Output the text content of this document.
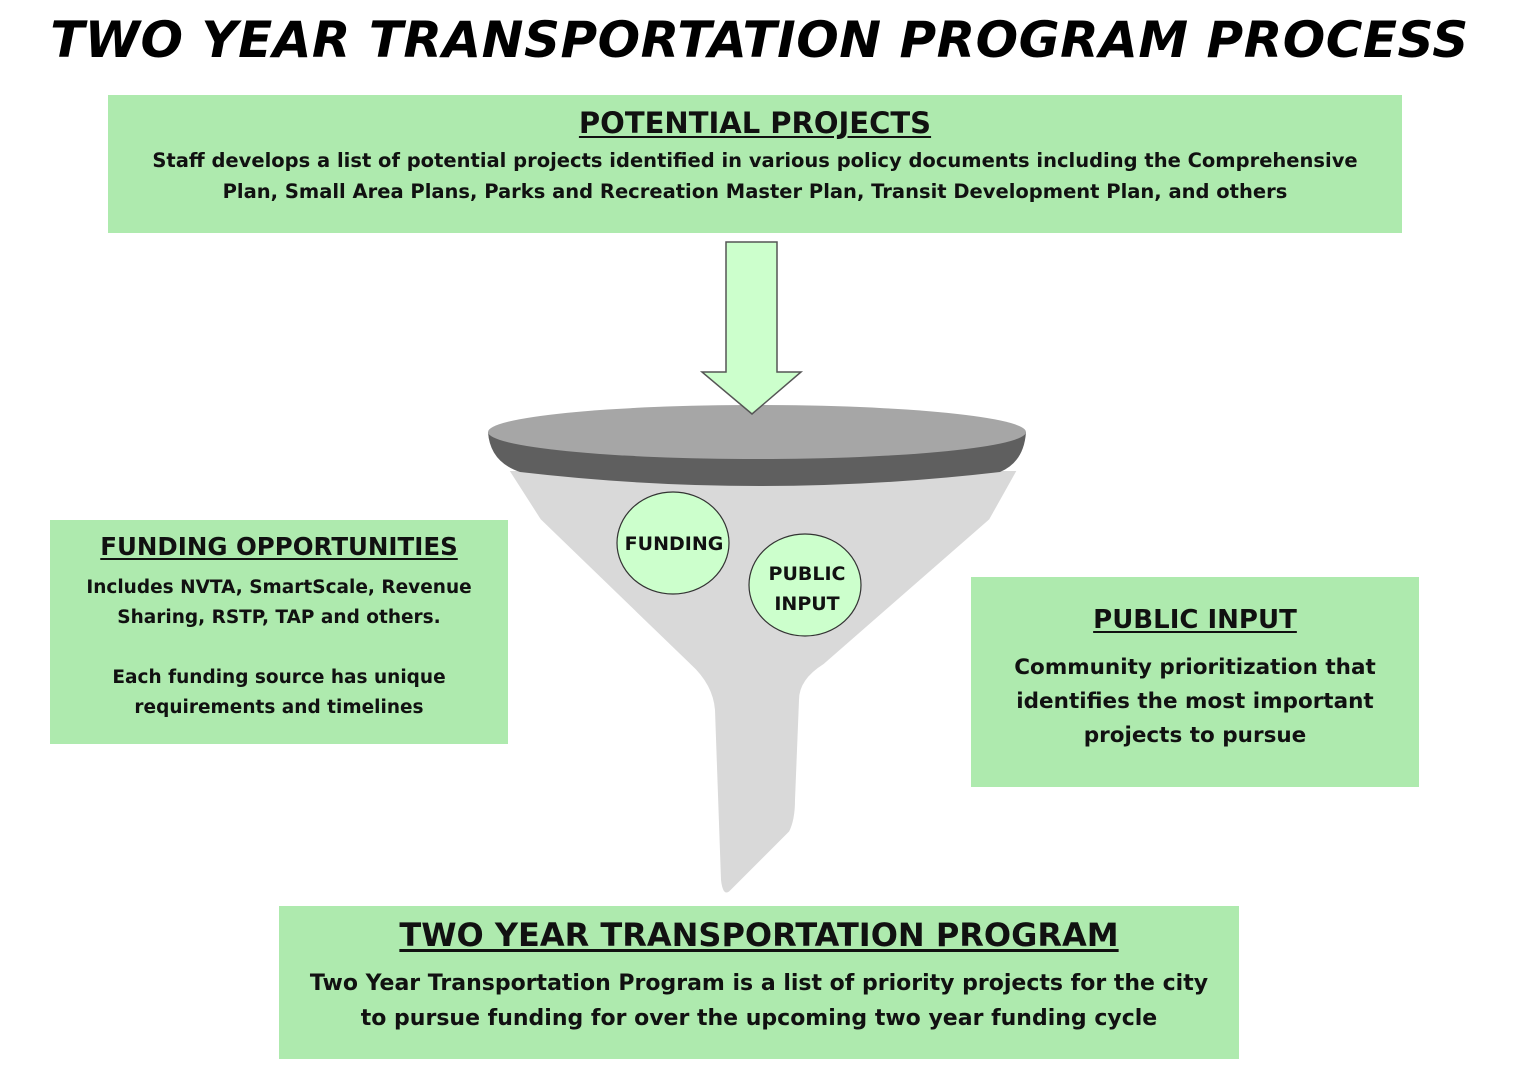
TWO YEAR TRANSPORTATION PROGRAM PROCESS
FUNDING
PUBLIC
INPUT
POTENTIAL PROJECTS
Staff develops a list of potential projects identified in various policy documents including the Comprehensive Plan, Small Area Plans, Parks and Recreation Master Plan, Transit Development Plan, and others
FUNDING OPPORTUNITIES
Includes NVTA, SmartScale, Revenue Sharing, RSTP, TAP and others.
Each funding source has unique requirements and timelines
PUBLIC INPUT
Community prioritization that identifies the most important projects to pursue
TWO YEAR TRANSPORTATION PROGRAM
Two Year Transportation Program is a list of priority projects for the city to pursue funding for over the upcoming two year funding cycle
